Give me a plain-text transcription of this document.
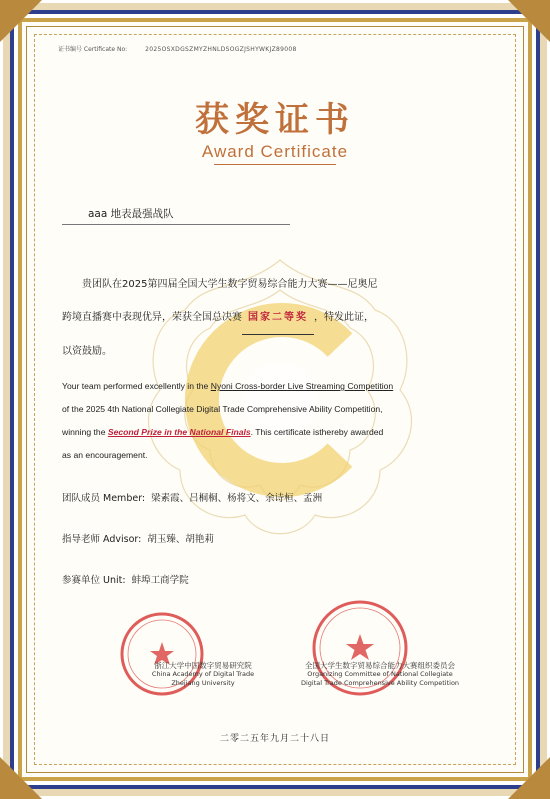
证书编号 Certificate No:	2025OSXDGSZMYZHNLDSOGZJSHYWKJZ89008
获奖证书
Award Certificate
aaa 地表最强战队
贵团队在2025第四届全国大学生数字贸易综合能力大赛——尼奥尼
跨境直播赛中表现优异，荣获全国总决赛 国家二等奖 ，特发此证，
以资鼓励。
Your team performed excellently in the Nyoni Cross-border Live Streaming Competition
of the 2025 4th National Collegiate Digital Trade Comprehensive Ability Competition,
winning the Second Prize in the National Finals. This certificate isthereby awarded
as an encouragement.
团队成员 Member: 梁素霞、吕桐桐、杨将文、余诗桓、孟洲
指导老师 Advisor: 胡玉臻、胡艳莉
参赛单位 Unit: 蚌埠工商学院
浙江大学中国数字贸易研究院
China Academy of Digital Trade
Zhejiang University
全国大学生数字贸易综合能力大赛组织委员会
Organizing Committee of National Collegiate
Digital Trade Comprehensive Ability Competition
二零二五年九月二十八日
